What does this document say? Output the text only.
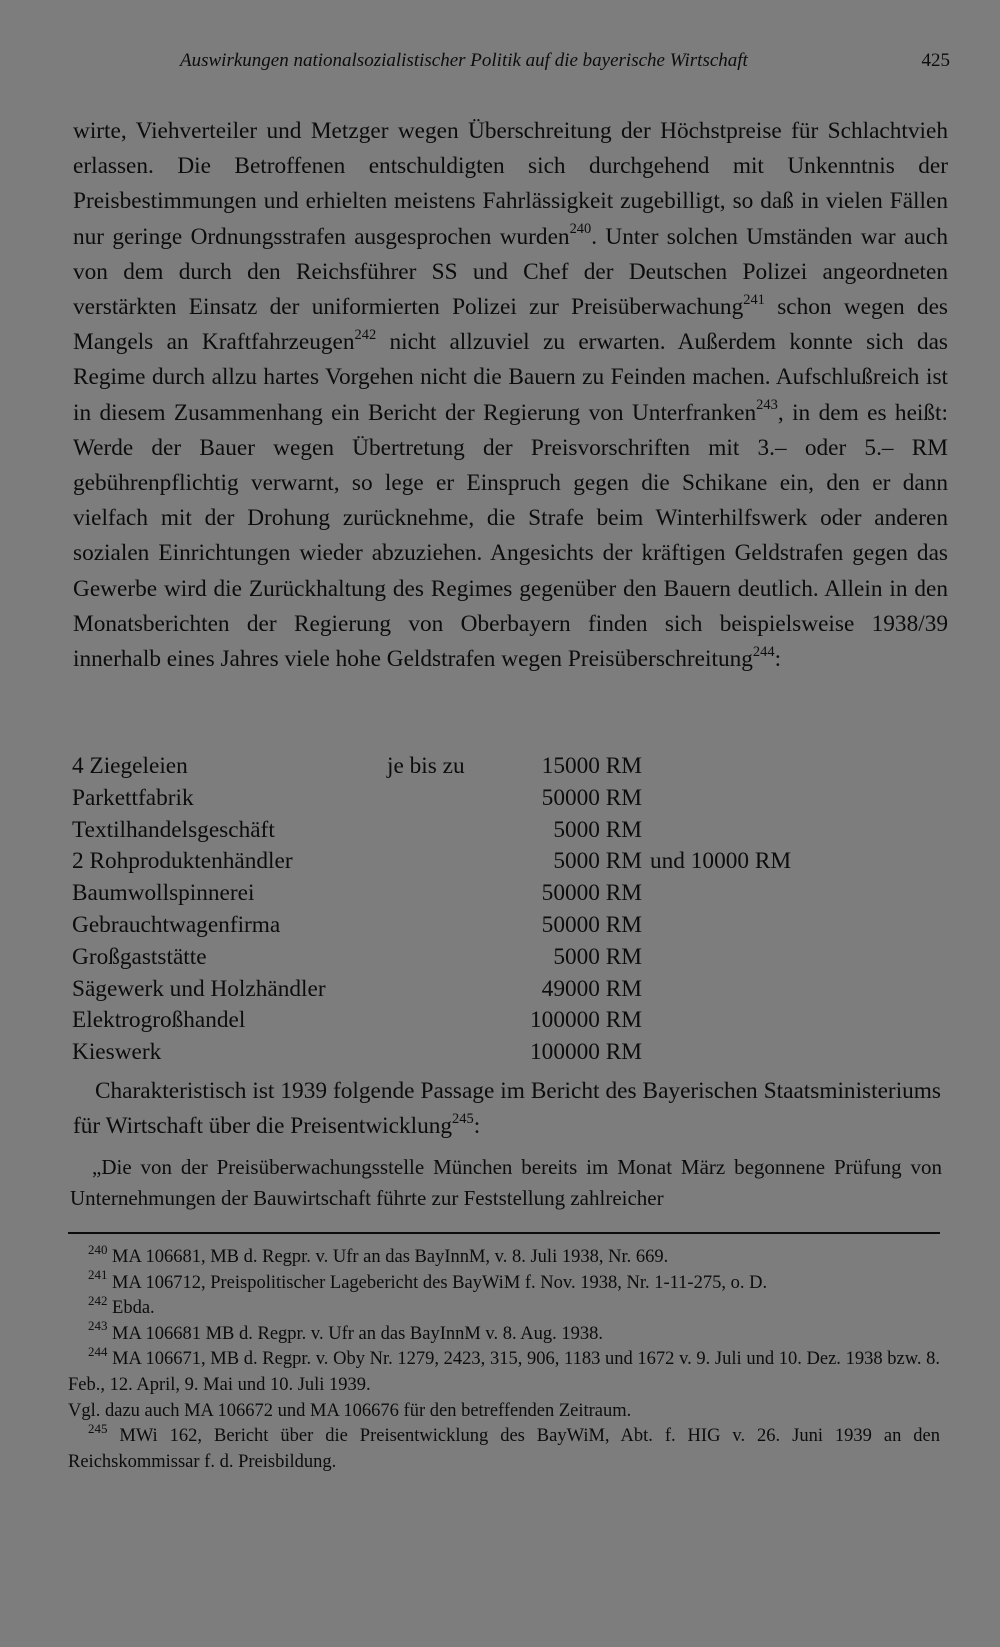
Auswirkungen nationalsozialistischer Politik auf die bayerische Wirtschaft	425

wirte, Viehverteiler und Metzger wegen Überschreitung der Höchstpreise für Schlachtvieh erlassen. Die Betroffenen entschuldigten sich durchgehend mit Unkenntnis der Preisbestimmungen und erhielten meistens Fahrlässigkeit zugebilligt, so daß in vielen Fällen nur geringe Ordnungsstrafen ausgesprochen wurden$^{240}$. Unter solchen Umständen war auch von dem durch den Reichsführer SS und Chef der Deutschen Polizei angeordneten verstärkten Einsatz der uniformierten Polizei zur Preisüberwachung$^{241}$ schon wegen des Mangels an Kraftfahrzeugen$^{242}$ nicht allzuviel zu erwarten. Außerdem konnte sich das Regime durch allzu hartes Vorgehen nicht die Bauern zu Feinden machen. Aufschlußreich ist in diesem Zusammenhang ein Bericht der Regierung von Unterfranken$^{243}$, in dem es heißt: Werde der Bauer wegen Übertretung der Preisvorschriften mit 3.– oder 5.– RM gebührenpflichtig verwarnt, so lege er Einspruch gegen die Schikane ein, den er dann vielfach mit der Drohung zurücknehme, die Strafe beim Winterhilfswerk oder anderen sozialen Einrichtungen wieder abzuziehen. Angesichts der kräftigen Geldstrafen gegen das Gewerbe wird die Zurückhaltung des Regimes gegenüber den Bauern deutlich. Allein in den Monatsberichten der Regierung von Oberbayern finden sich beispielsweise 1938/39 innerhalb eines Jahres viele hohe Geldstrafen wegen Preisüberschreitung$^{244}$:

4 Ziegeleien	je bis zu	15000 RM
Parkettfabrik	50000 RM
Textilhandelsgeschäft	5000 RM
2 Rohproduktenhändler	5000 RM und 10000 RM
Baumwollspinnerei	50000 RM
Gebrauchtwagenfirma	50000 RM
Großgaststätte	5000 RM
Sägewerk und Holzhändler	49000 RM
Elektrogroßhandel	100000 RM
Kieswerk	100000 RM

Charakteristisch ist 1939 folgende Passage im Bericht des Bayerischen Staatsministeriums für Wirtschaft über die Preisentwicklung$^{245}$:

„Die von der Preisüberwachungsstelle München bereits im Monat März begonnene Prüfung von Unternehmungen der Bauwirtschaft führte zur Feststellung zahlreicher

$^{240}$ MA 106681, MB d. Regpr. v. Ufr an das BayInnM, v. 8. Juli 1938, Nr. 669.

$^{241}$ MA 106712, Preispolitischer Lagebericht des BayWiM f. Nov. 1938, Nr. 1-11-275, o. D.

$^{242}$ Ebda.

$^{243}$ MA 106681 MB d. Regpr. v. Ufr an das BayInnM v. 8. Aug. 1938.

$^{244}$ MA 106671, MB d. Regpr. v. Oby Nr. 1279, 2423, 315, 906, 1183 und 1672 v. 9. Juli und 10. Dez. 1938 bzw. 8. Feb., 12. April, 9. Mai und 10. Juli 1939.

Vgl. dazu auch MA 106672 und MA 106676 für den betreffenden Zeitraum.

$^{245}$ MWi 162, Bericht über die Preisentwicklung des BayWiM, Abt. f. HIG v. 26. Juni 1939 an den Reichskommissar f. d. Preisbildung.
